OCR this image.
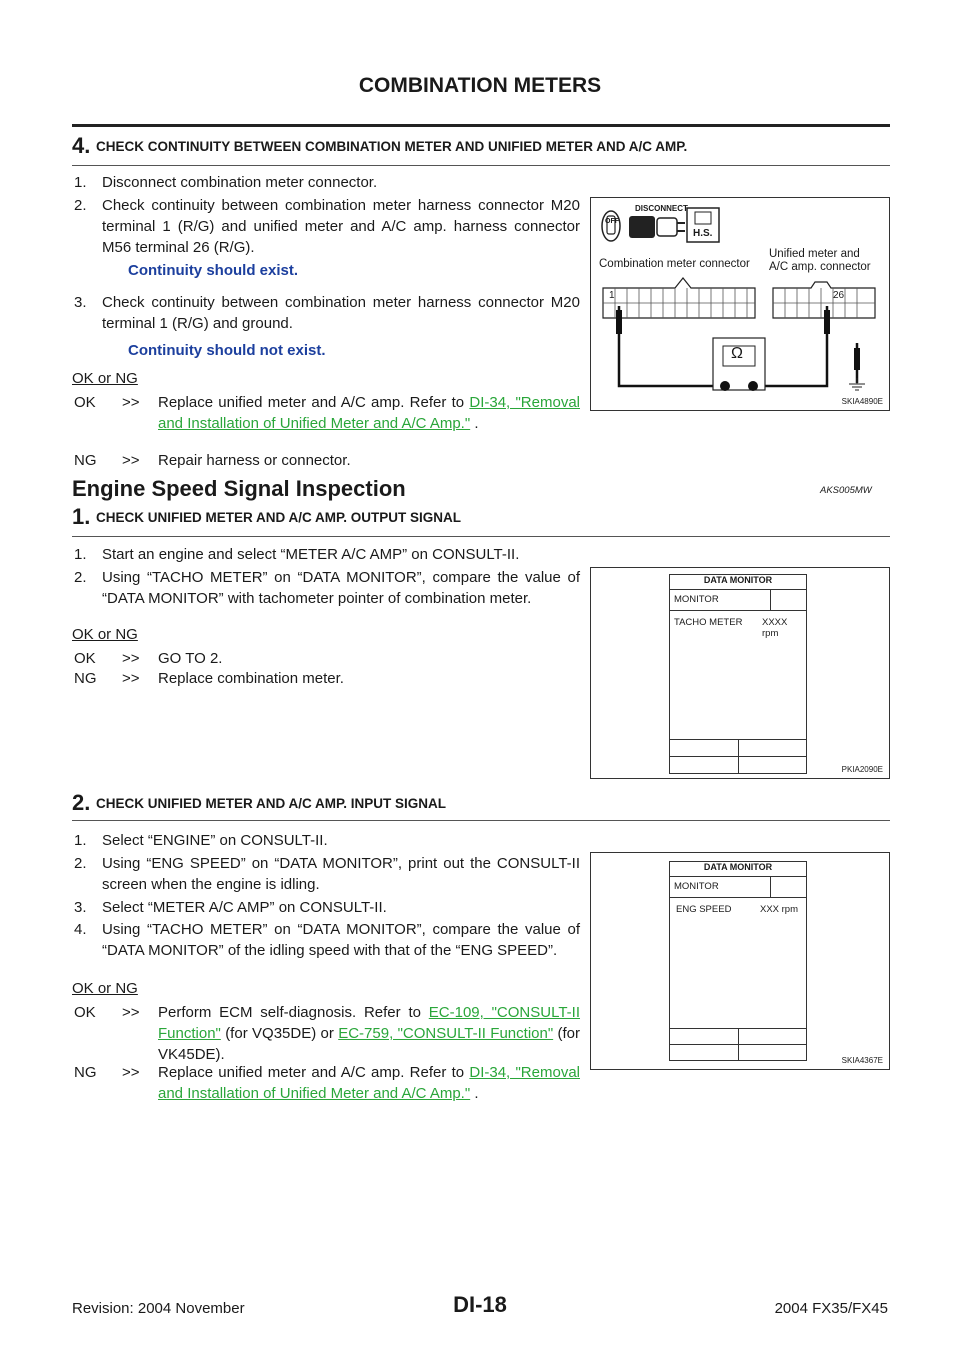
COMBINATION METERS
4. CHECK CONTINUITY BETWEEN COMBINATION METER AND UNIFIED METER AND A/C AMP.
1. Disconnect combination meter connector.
2. Check continuity between combination meter harness connector M20 terminal 1 (R/G) and unified meter and A/C amp. harness connector M56 terminal 26 (R/G).
Continuity should exist.
3. Check continuity between combination meter harness connector M20 terminal 1 (R/G) and ground.
Continuity should not exist.
OK or NG
OK >> Replace unified meter and A/C amp. Refer to DI-34, "Removal and Installation of Unified Meter and A/C Amp." .
NG >> Repair harness or connector.
DISCONNECT
OFF
H.S.
Combination meter connector
Unified meter and
A/C amp. connector
1	26
Ω
SKIA4890E
Engine Speed Signal Inspection	AKS005MW
1. CHECK UNIFIED METER AND A/C AMP. OUTPUT SIGNAL
1. Start an engine and select “METER A/C AMP” on CONSULT-II.
2. Using “TACHO METER” on “DATA MONITOR”, compare the value of “DATA MONITOR” with tachometer pointer of combination meter.
OK or NG
OK >> GO TO 2.
NG >> Replace combination meter.
DATA MONITOR
MONITOR
TACHO METER XXXX rpm
PKIA2090E
2. CHECK UNIFIED METER AND A/C AMP. INPUT SIGNAL
1. Select “ENGINE” on CONSULT-II.
2. Using “ENG SPEED” on “DATA MONITOR”, print out the CONSULT-II screen when the engine is idling.
3. Select “METER A/C AMP” on CONSULT-II.
4. Using “TACHO METER” on “DATA MONITOR”, compare the value of “DATA MONITOR” of the idling speed with that of the “ENG SPEED”.
OK or NG
OK >> Perform ECM self-diagnosis. Refer to EC-109, "CONSULT-II Function" (for VQ35DE) or EC-759, "CONSULT-II Function" (for VK45DE).
NG >> Replace unified meter and A/C amp. Refer to DI-34, "Removal and Installation of Unified Meter and A/C Amp." .
DATA MONITOR
MONITOR
ENG SPEED	XXX rpm
SKIA4367E
Revision: 2004 November	DI-18	2004 FX35/FX45
